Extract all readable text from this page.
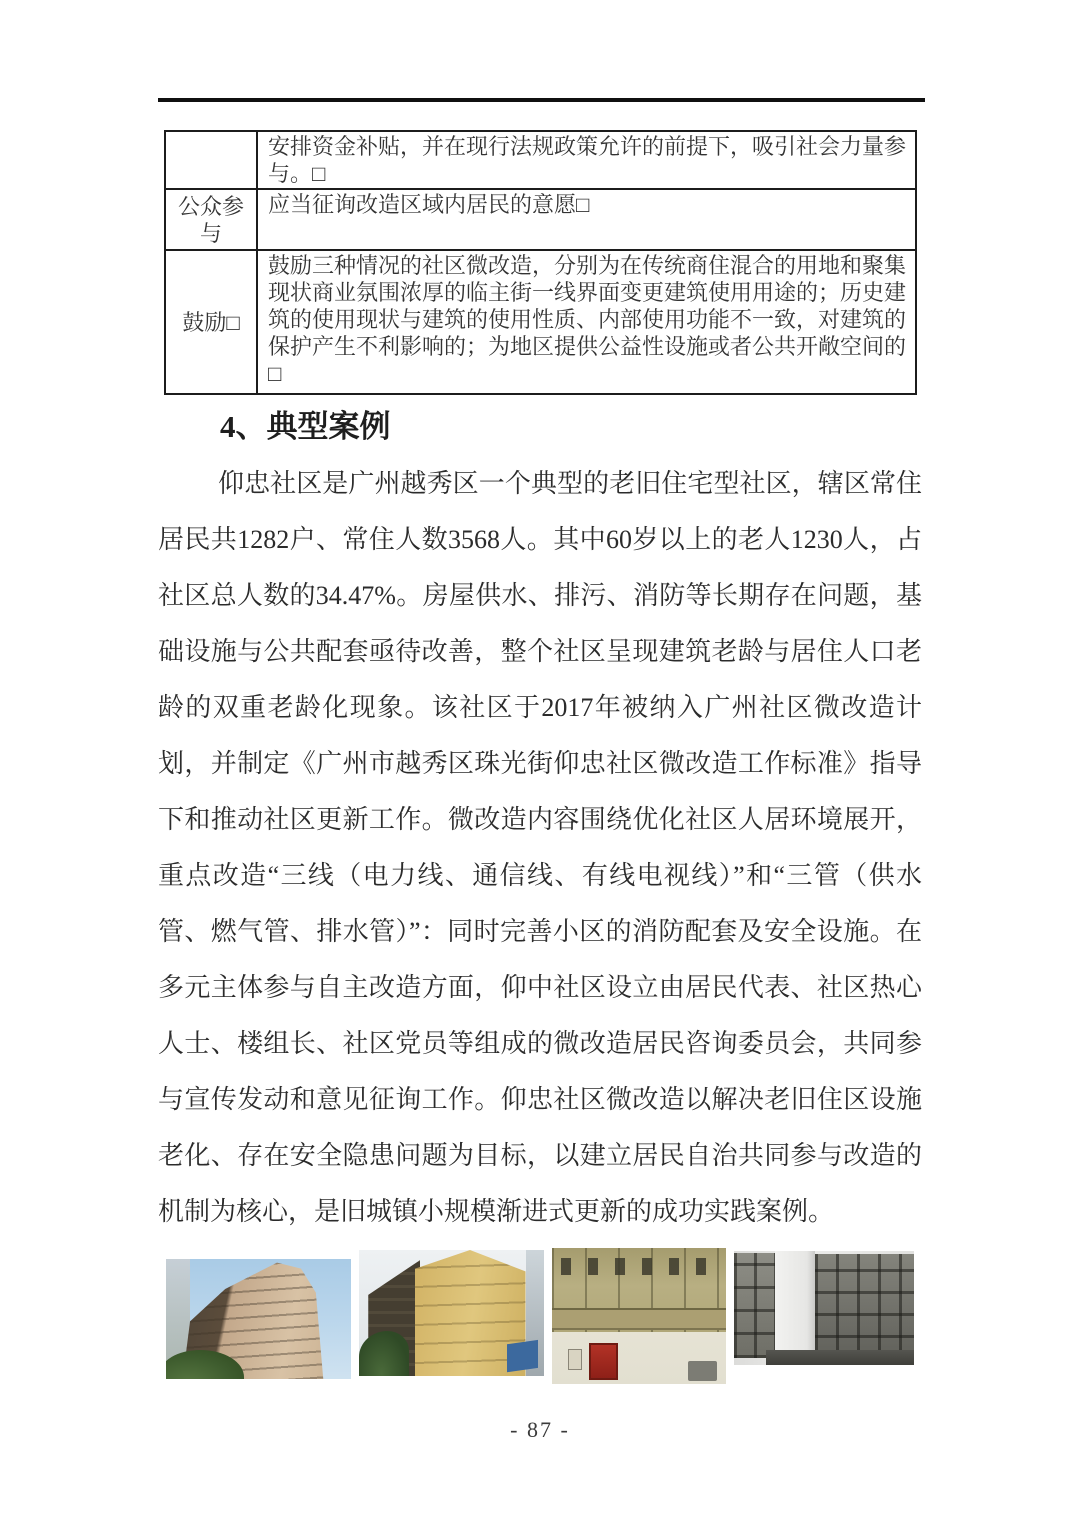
	安排资金补贴，并在现行法规政策允许的前提下，吸引社会力量参与。□
公众参与	应当征询改造区域内居民的意愿□
鼓励□	鼓励三种情况的社区微改造，分别为在传统商住混合的用地和聚集现状商业氛围浓厚的临主街一线界面变更建筑使用用途的；历史建筑的使用现状与建筑的使用性质、内部使用功能不一致，对建筑的保护产生不利影响的；为地区提供公益性设施或者公共开敞空间的□
4、典型案例

仰忠社区是广州越秀区一个典型的老旧住宅型社区，辖区常住居民共1282户、常住人数3568人。其中60岁以上的老人1230人，占社区总人数的34.47%。房屋供水、排污、消防等长期存在问题，基础设施与公共配套亟待改善，整个社区呈现建筑老龄与居住人口老龄的双重老龄化现象。该社区于2017年被纳入广州社区微改造计划，并制定《广州市越秀区珠光街仰忠社区微改造工作标准》指导下和推动社区更新工作。微改造内容围绕优化社区人居环境展开，重点改造“三线（电力线、通信线、有线电视线）”和“三管（供水管、燃气管、排水管）”：同时完善小区的消防配套及安全设施。在多元主体参与自主改造方面，仰中社区设立由居民代表、社区热心人士、楼组长、社区党员等组成的微改造居民咨询委员会，共同参与宣传发动和意见征询工作。仰忠社区微改造以解决老旧住区设施老化、存在安全隐患问题为目标，以建立居民自治共同参与改造的机制为核心，是旧城镇小规模渐进式更新的成功实践案例。

- 87 -
